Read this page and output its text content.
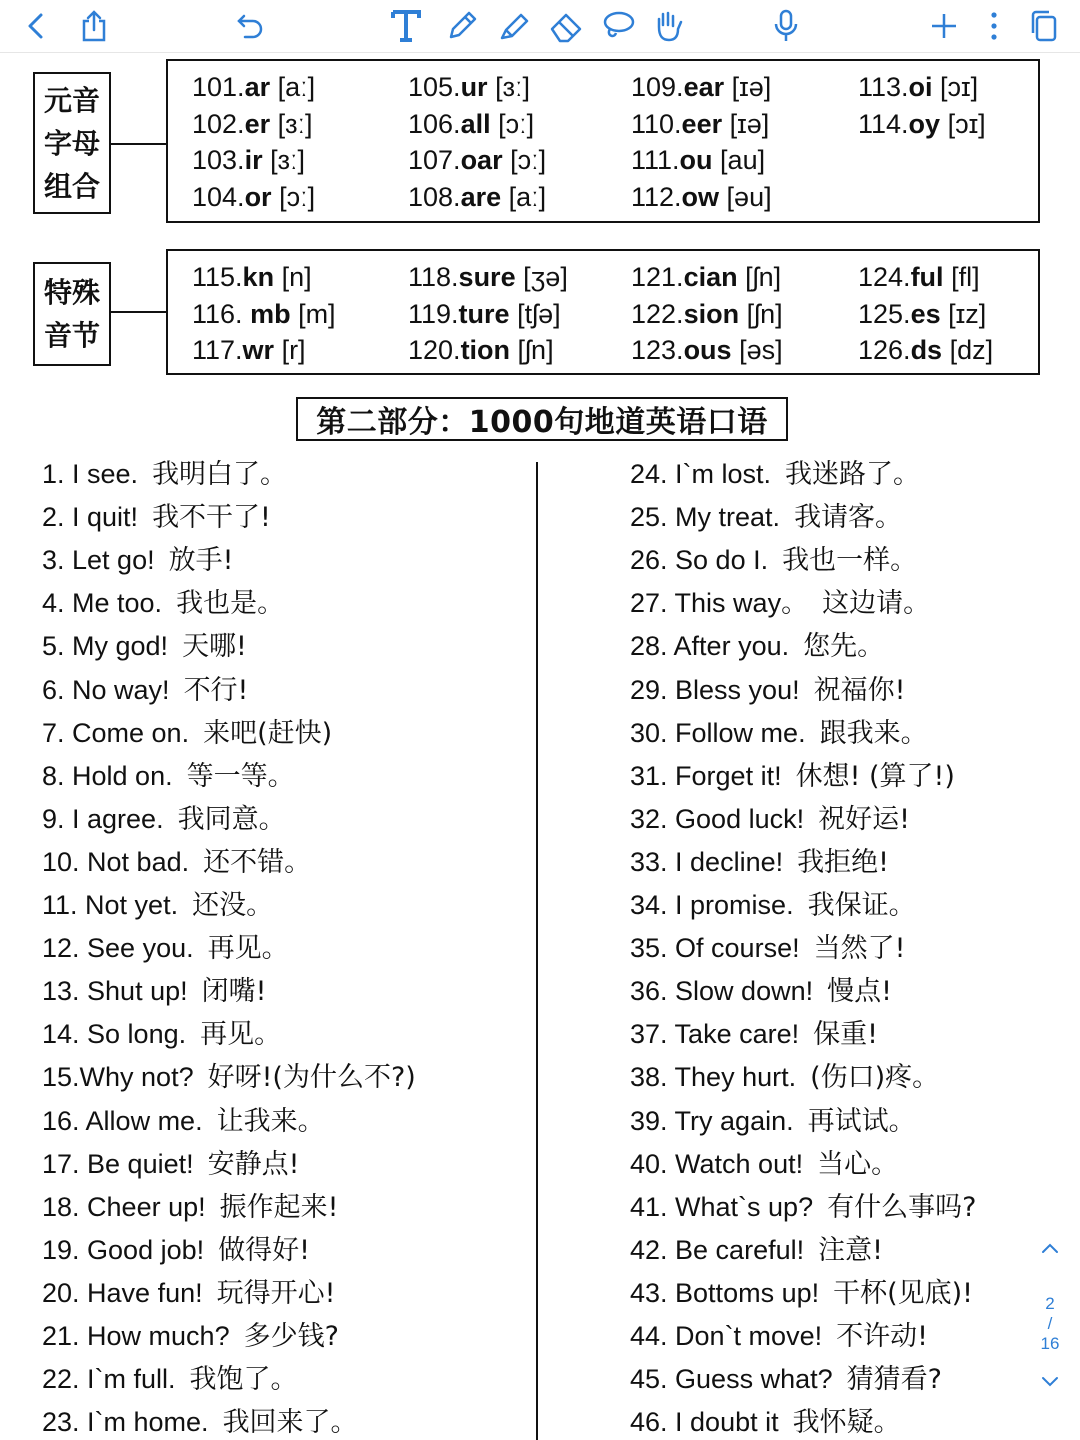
元音
字母
组合
101.ar [aː]
102.er [ɜː]
103.ir [ɜː]
104.or [ɔː]
105.ur [ɜː]
106.all [ɔː]
107.oar [ɔː]
108.are [aː]
109.ear [ɪə]
110.eer [ɪə]
111.ou [au]
112.ow [əu]
113.oi [ɔɪ]
114.oy [ɔɪ]
特殊
音节
115.kn [n]
116. mb [m]
117.wr [r]
118.sure [ʒə]
119.ture [tʃə]
120.tion [ʃn]
121.cian [ʃn]
122.sion [ʃn]
123.ous [əs]
124.ful [fl]
125.es [ɪz]
126.ds [dz]
第二部分：1000句地道英语口语
1. I see. 我明白了。
2. I quit! 我不干了!
3. Let go! 放手!
4. Me too. 我也是。
5. My god! 天哪!
6. No way! 不行!
7. Come on. 来吧(赶快)
8. Hold on. 等一等。
9. I agree. 我同意。
10. Not bad. 还不错。
11. Not yet. 还没。
12. See you. 再见。
13. Shut up! 闭嘴!
14. So long. 再见。
15.Why not? 好呀!(为什么不?)
16. Allow me. 让我来。
17. Be quiet! 安静点!
18. Cheer up! 振作起来!
19. Good job! 做得好!
20. Have fun! 玩得开心!
21. How much? 多少钱?
22. I`m full. 我饱了。
23. I`m home. 我回来了。
24. I`m lost. 我迷路了。
25. My treat. 我请客。
26. So do I. 我也一样。
27. This way。 这边请。
28. After you. 您先。
29. Bless you! 祝福你!
30. Follow me. 跟我来。
31. Forget it! 休想! (算了!)
32. Good luck! 祝好运!
33. I decline! 我拒绝!
34. I promise. 我保证。
35. Of course! 当然了!
36. Slow down! 慢点!
37. Take care! 保重!
38. They hurt. (伤口)疼。
39. Try again. 再试试。
40. Watch out! 当心。
41. What`s up? 有什么事吗?
42. Be careful! 注意!
43. Bottoms up! 干杯(见底)!
44. Don`t move! 不许动!
45. Guess what? 猜猜看?
46. I doubt it 我怀疑。
2
/
16
